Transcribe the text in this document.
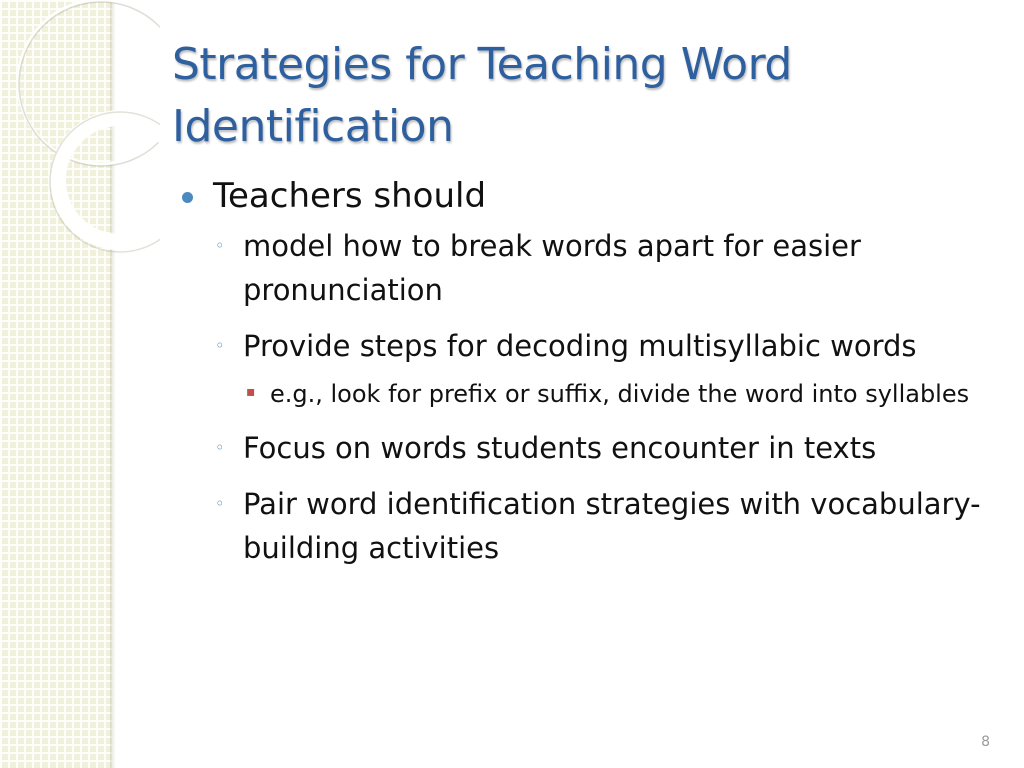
Strategies for Teaching Word Identification
Teachers should
◦ model how to break words apart for easier pronunciation
◦ Provide steps for decoding multisyllabic words
▪ e.g., look for prefix or suffix, divide the word into syllables
◦ Focus on words students encounter in texts
◦ Pair word identification strategies with vocabulary-building activities
8
